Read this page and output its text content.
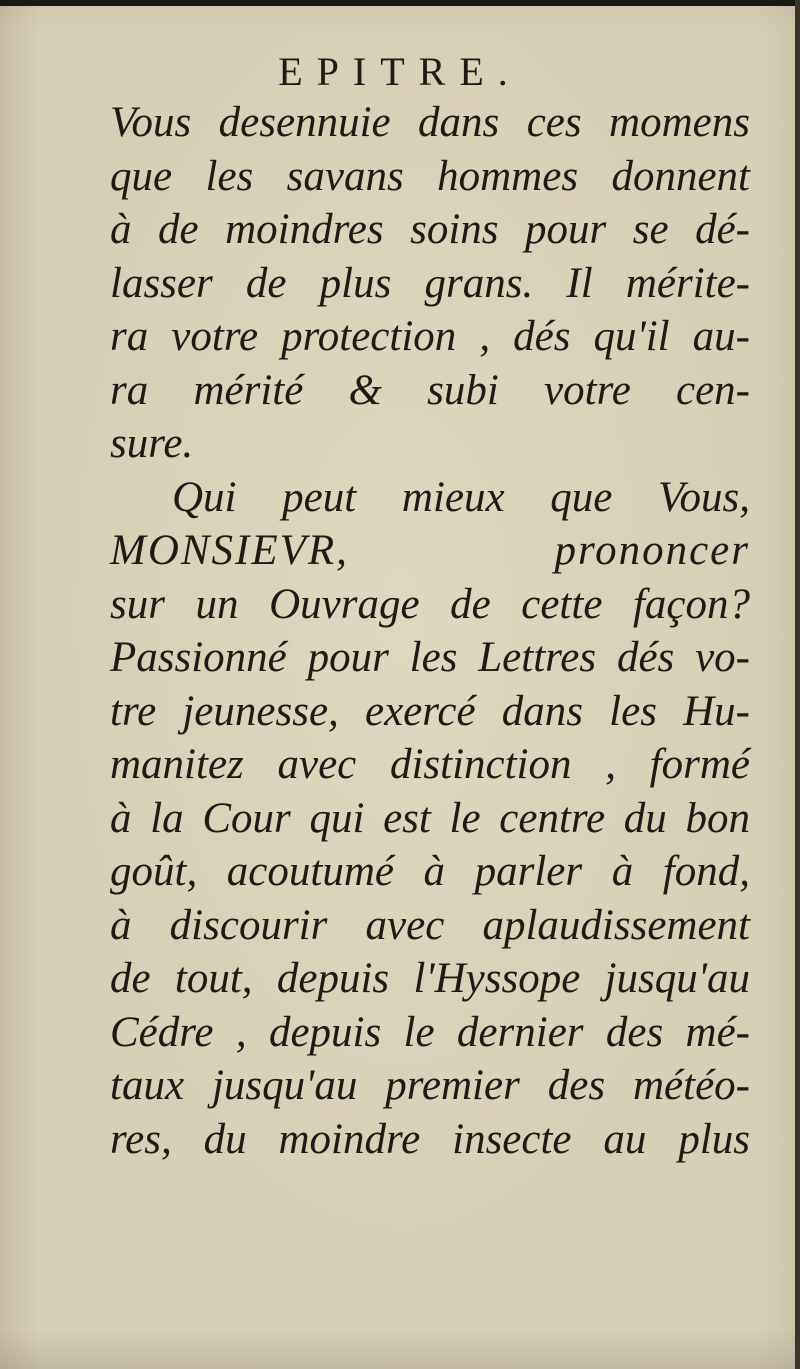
EPITRE.
Vous desennuie dans ces momens
que les savans hommes donnent
à de moindres soins pour se dé-
lasser de plus grans. Il mérite-
ra votre protection , dés qu'il au-
ra mérité & subi votre cen-
sure.
Qui peut mieux que Vous,
MONSIEVR, prononcer
sur un Ouvrage de cette façon?
Passionné pour les Lettres dés vo-
tre jeunesse, exercé dans les Hu-
manitez avec distinction , formé
à la Cour qui est le centre du bon
goût, acoutumé à parler à fond,
à discourir avec aplaudissement
de tout, depuis l'Hyssope jusqu'au
Cédre , depuis le dernier des mé-
taux jusqu'au premier des météo-
res, du moindre insecte au plus
